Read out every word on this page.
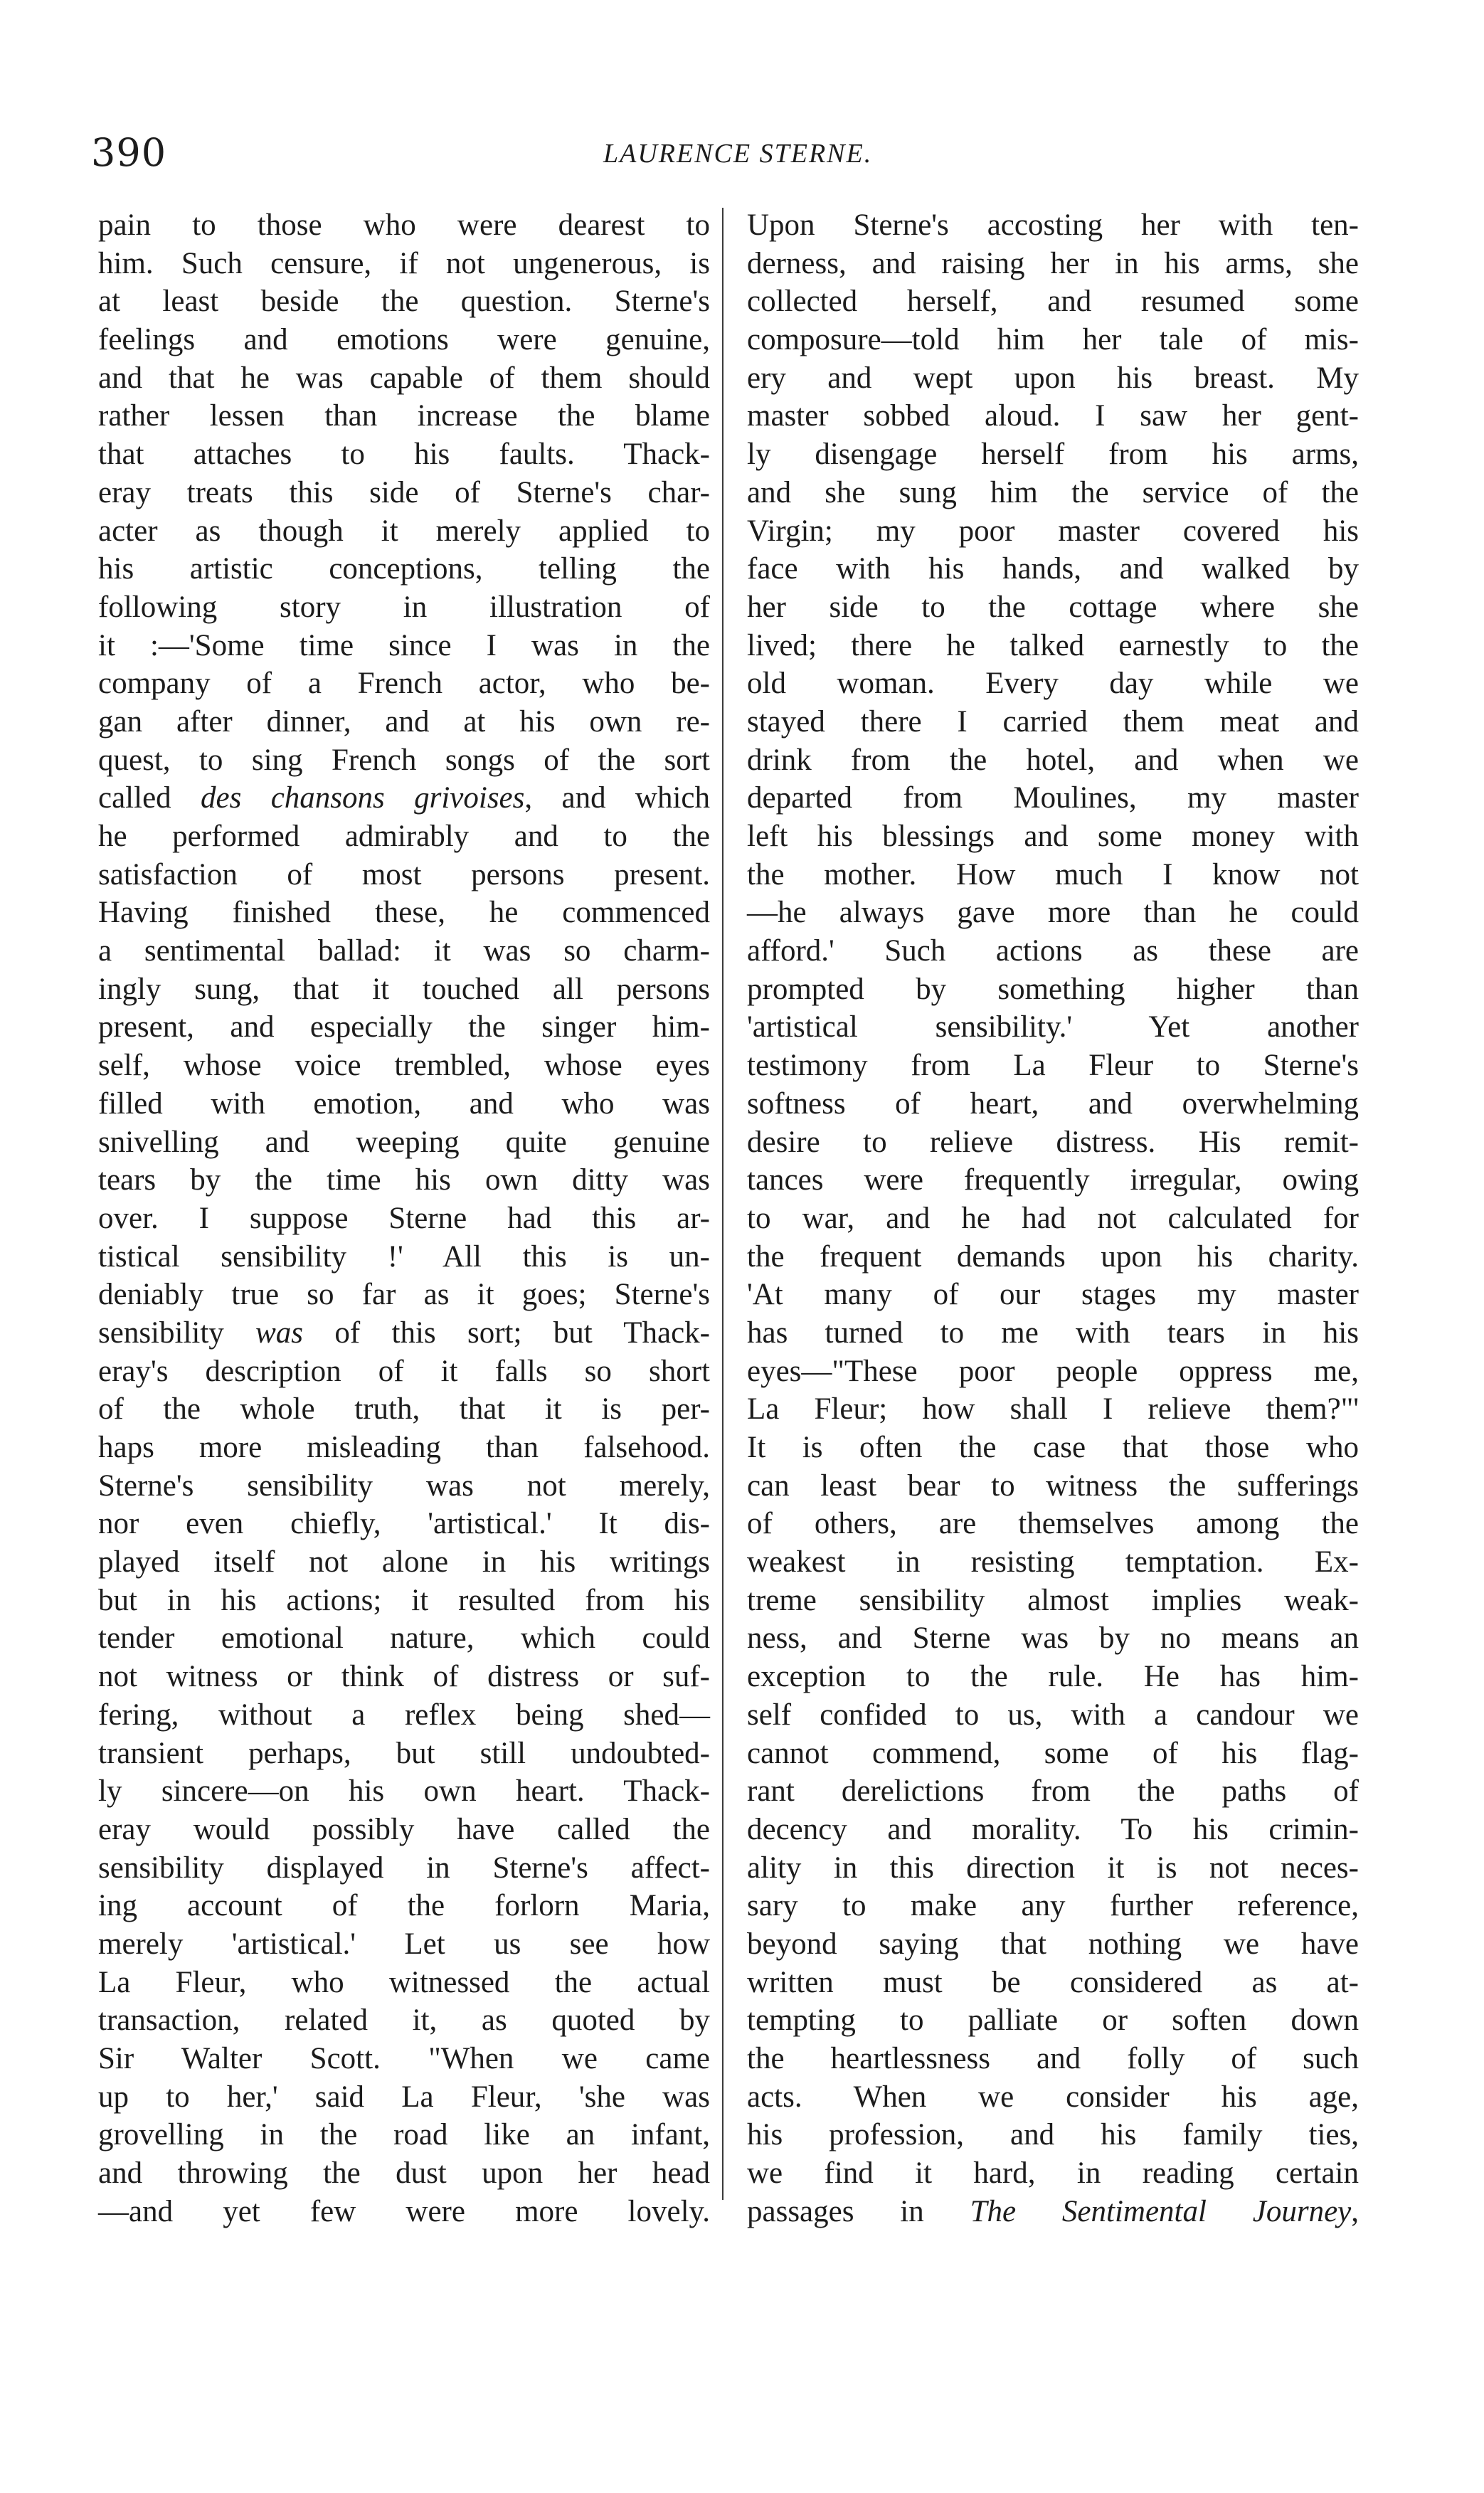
390	LAURENCE STERNE.
pain to those who were dearest to
him. Such censure, if not ungenerous, is
at least beside the question. Sterne's
feelings and emotions were genuine,
and that he was capable of them should
rather lessen than increase the blame
that attaches to his faults. Thack-
eray treats this side of Sterne's char-
acter as though it merely applied to
his artistic conceptions, telling the
following story in illustration of
it :—'Some time since I was in the
company of a French actor, who be-
gan after dinner, and at his own re-
quest, to sing French songs of the sort
called des chansons grivoises, and which
he performed admirably and to the
satisfaction of most persons present.
Having finished these, he commenced
a sentimental ballad: it was so charm-
ingly sung, that it touched all persons
present, and especially the singer him-
self, whose voice trembled, whose eyes
filled with emotion, and who was
snivelling and weeping quite genuine
tears by the time his own ditty was
over. I suppose Sterne had this ar-
tistical sensibility !' All this is un-
deniably true so far as it goes; Sterne's
sensibility was of this sort; but Thack-
eray's description of it falls so short
of the whole truth, that it is per-
haps more misleading than falsehood.
Sterne's sensibility was not merely,
nor even chiefly, 'artistical.' It dis-
played itself not alone in his writings
but in his actions; it resulted from his
tender emotional nature, which could
not witness or think of distress or suf-
fering, without a reflex being shed—
transient perhaps, but still undoubted-
ly sincere—on his own heart. Thack-
eray would possibly have called the
sensibility displayed in Sterne's affect-
ing account of the forlorn Maria,
merely 'artistical.' Let us see how
La Fleur, who witnessed the actual
transaction, related it, as quoted by
Sir Walter Scott. "When we came
up to her,' said La Fleur, 'she was
grovelling in the road like an infant,
and throwing the dust upon her head
—and yet few were more lovely.
Upon Sterne's accosting her with ten-
derness, and raising her in his arms, she
collected herself, and resumed some
composure—told him her tale of mis-
ery and wept upon his breast. My
master sobbed aloud. I saw her gent-
ly disengage herself from his arms,
and she sung him the service of the
Virgin; my poor master covered his
face with his hands, and walked by
her side to the cottage where she
lived; there he talked earnestly to the
old woman. Every day while we
stayed there I carried them meat and
drink from the hotel, and when we
departed from Moulines, my master
left his blessings and some money with
the mother. How much I know not
—he always gave more than he could
afford.' Such actions as these are
prompted by something higher than
'artistical sensibility.' Yet another
testimony from La Fleur to Sterne's
softness of heart, and overwhelming
desire to relieve distress. His remit-
tances were frequently irregular, owing
to war, and he had not calculated for
the frequent demands upon his charity.
'At many of our stages my master
has turned to me with tears in his
eyes—"These poor people oppress me,
La Fleur; how shall I relieve them?"'
It is often the case that those who
can least bear to witness the sufferings
of others, are themselves among the
weakest in resisting temptation. Ex-
treme sensibility almost implies weak-
ness, and Sterne was by no means an
exception to the rule. He has him-
self confided to us, with a candour we
cannot commend, some of his flag-
rant derelictions from the paths of
decency and morality. To his crimin-
ality in this direction it is not neces-
sary to make any further reference,
beyond saying that nothing we have
written must be considered as at-
tempting to palliate or soften down
the heartlessness and folly of such
acts. When we consider his age,
his profession, and his family ties,
we find it hard, in reading certain
passages in The Sentimental Journey,
